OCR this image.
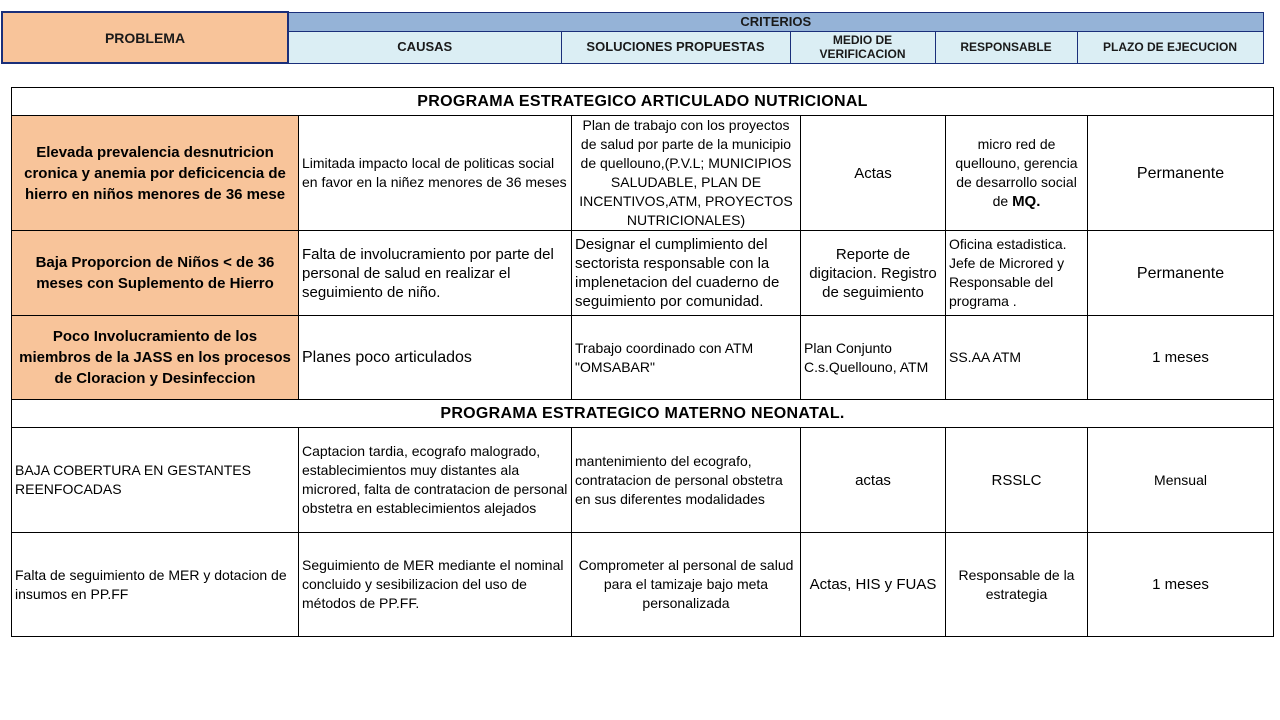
PROBLEMA	CRITERIOS				
	CAUSAS	SOLUCIONES PROPUESTAS	MEDIO DE VERIFICACION	RESPONSABLE	PLAZO DE EJECUCION
PROGRAMA ESTRATEGICO ARTICULADO NUTRICIONAL					
Elevada prevalencia desnutricion cronica y anemia por deficicencia de hierro en niños menores de 36 mese	Limitada impacto local de politicas social en favor en la niñez menores de 36 meses	Plan de trabajo con los proyectos de salud por parte de la municipio de quellouno,(P.V.L; MUNICIPIOS SALUDABLE, PLAN DE INCENTIVOS,ATM, PROYECTOS NUTRICIONALES)	Actas	micro red de quellouno, gerencia de desarrollo social de MQ.	Permanente
Baja Proporcion de Niños < de 36 meses con Suplemento de Hierro	Falta de involucramiento por parte del personal de salud en realizar el seguimiento de niño.	Designar el cumplimiento del sectorista responsable con la implenetacion del cuaderno de seguimiento por comunidad.	Reporte de digitacion. Registro de seguimiento	Oficina estadistica. Jefe de Microred y Responsable del programa .	Permanente
Poco Involucramiento de los miembros de la JASS en los procesos de Cloracion y Desinfeccion	Planes poco articulados	Trabajo coordinado con ATM "OMSABAR"	Plan Conjunto C.s.Quellouno, ATM	SS.AA ATM	1 meses
PROGRAMA ESTRATEGICO MATERNO NEONATAL.					
BAJA COBERTURA EN GESTANTES REENFOCADAS	Captacion tardia, ecografo malogrado, establecimientos muy distantes ala microred, falta de contratacion de personal obstetra en establecimientos alejados	mantenimiento del ecografo, contratacion de personal obstetra en sus diferentes modalidades	actas	RSSLC	Mensual
Falta de seguimiento de MER y dotacion de insumos en PP.FF	Seguimiento de MER mediante el nominal concluido y sesibilizacion del uso de métodos de PP.FF.	Comprometer al personal de salud para el tamizaje bajo meta personalizada	Actas, HIS y FUAS	Responsable de la estrategia	1 meses
